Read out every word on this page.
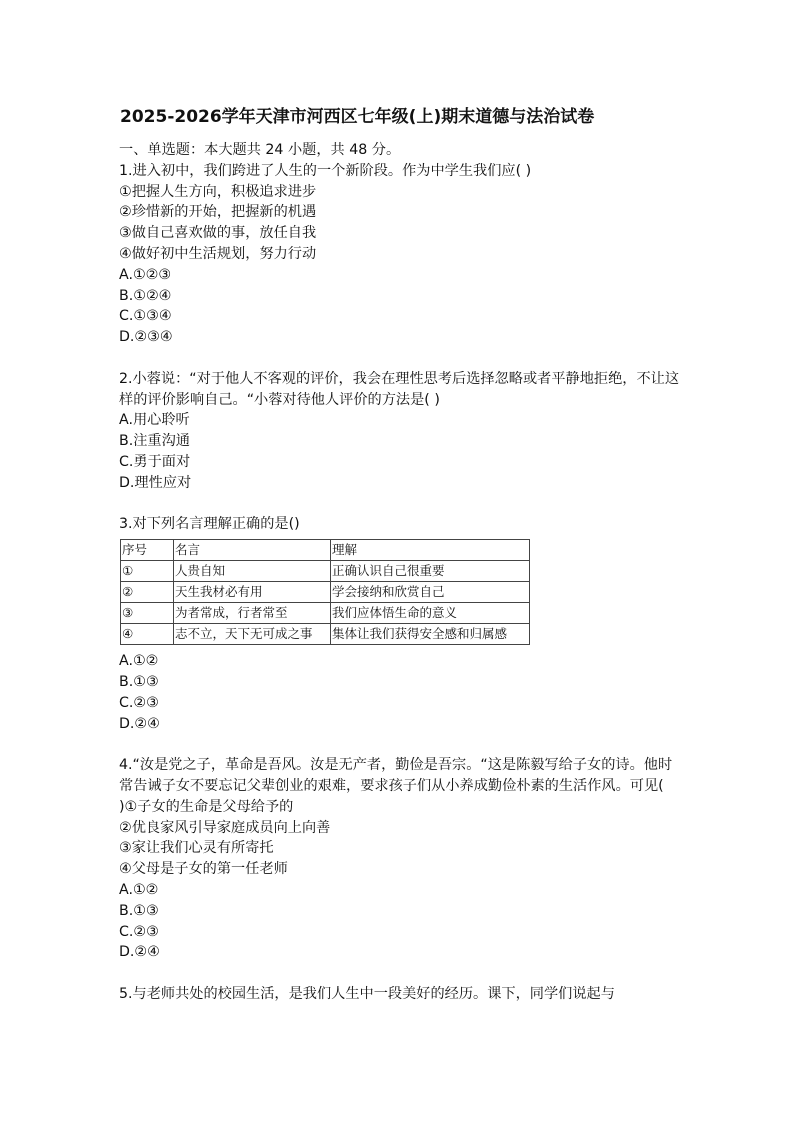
2025-2026学年天津市河西区七年级(上)期末道德与法治试卷
一、单选题：本大题共 24 小题，共 48 分。
1.进入初中，我们跨进了人生的一个新阶段。作为中学生我们应( )
①把握人生方向，积极追求进步
②珍惜新的开始，把握新的机遇
③做自己喜欢做的事，放任自我
④做好初中生活规划，努力行动
A.①②③
B.①②④
C.①③④
D.②③④
2.小蓉说：“对于他人不客观的评价，我会在理性思考后选择忽略或者平静地拒绝，不让这样的评价影响自己。“小蓉对待他人评价的方法是( )
A.用心聆听
B.注重沟通
C.勇于面对
D.理性应对
3.对下列名言理解正确的是()
序号	名言	理解
①	人贵自知	正确认识自己很重要
②	天生我材必有用	学会接纳和欣赏自己
③	为者常成，行者常至	我们应体悟生命的意义
④	志不立，天下无可成之事	集体让我们获得安全感和归属感
A.①②
B.①③
C.②③
D.②④
4.“汝是党之子，革命是吾风。汝是无产者，勤俭是吾宗。“这是陈毅写给子女的诗。他时常告诫子女不要忘记父辈创业的艰难，要求孩子们从小养成勤俭朴素的生活作风。可见( )①子女的生命是父母给予的
②优良家风引导家庭成员向上向善
③家让我们心灵有所寄托
④父母是子女的第一任老师
A.①②
B.①③
C.②③
D.②④
5.与老师共处的校园生活，是我们人生中一段美好的经历。课下，同学们说起与
